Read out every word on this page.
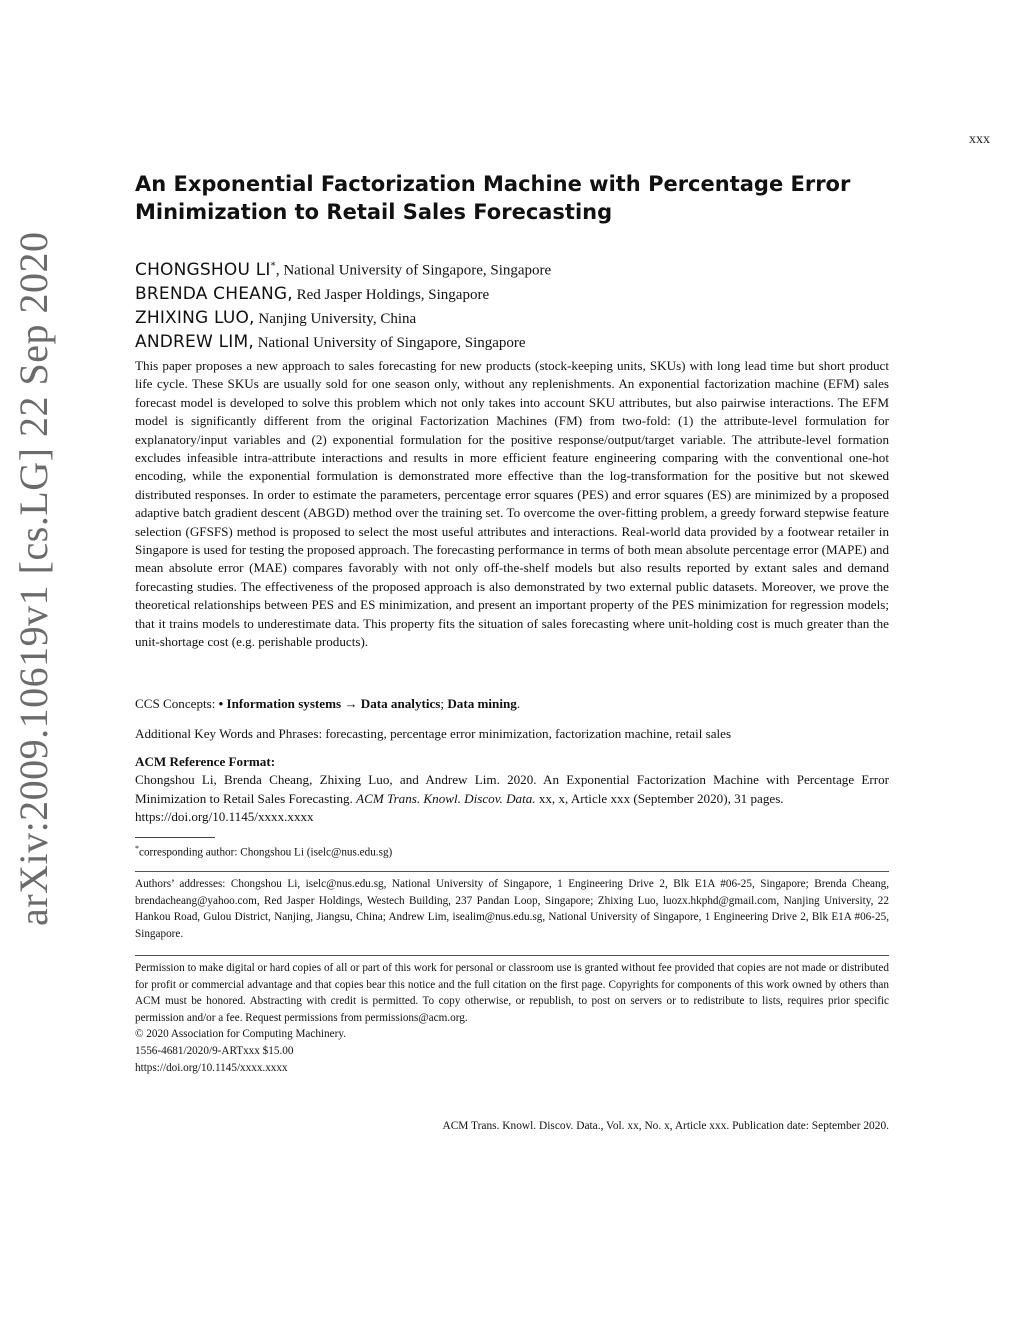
xxx
arXiv:2009.10619v1 [cs.LG] 22 Sep 2020
An Exponential Factorization Machine with Percentage Error
Minimization to Retail Sales Forecasting

CHONGSHOU LI*, National University of Singapore, Singapore

BRENDA CHEANG, Red Jasper Holdings, Singapore

ZHIXING LUO, Nanjing University, China

ANDREW LIM, National University of Singapore, Singapore

This paper proposes a new approach to sales forecasting for new products (stock-keeping units, SKUs) with long lead time but short product life cycle. These SKUs are usually sold for one season only, without any replenishments. An exponential factorization machine (EFM) sales forecast model is developed to solve this problem which not only takes into account SKU attributes, but also pairwise interactions. The EFM model is significantly different from the original Factorization Machines (FM) from two-fold: (1) the attribute-level formulation for explanatory/input variables and (2) exponential formulation for the positive response/output/target variable. The attribute-level formation excludes infeasible intra-attribute interactions and results in more efficient feature engineering comparing with the conventional one-hot encoding, while the exponential formulation is demonstrated more effective than the log-transformation for the positive but not skewed distributed responses. In order to estimate the parameters, percentage error squares (PES) and error squares (ES) are minimized by a proposed adaptive batch gradient descent (ABGD) method over the training set. To overcome the over-fitting problem, a greedy forward stepwise feature selection (GFSFS) method is proposed to select the most useful attributes and interactions. Real-world data provided by a footwear retailer in Singapore is used for testing the proposed approach. The forecasting performance in terms of both mean absolute percentage error (MAPE) and mean absolute error (MAE) compares favorably with not only off-the-shelf models but also results reported by extant sales and demand forecasting studies. The effectiveness of the proposed approach is also demonstrated by two external public datasets. Moreover, we prove the theoretical relationships between PES and ES minimization, and present an important property of the PES minimization for regression models; that it trains models to underestimate data. This property fits the situation of sales forecasting where unit-holding cost is much greater than the unit-shortage cost (e.g. perishable products).

CCS Concepts: • Information systems → Data analytics; Data mining.

Additional Key Words and Phrases: forecasting, percentage error minimization, factorization machine, retail sales

ACM Reference Format:

Chongshou Li, Brenda Cheang, Zhixing Luo, and Andrew Lim. 2020. An Exponential Factorization Machine with Percentage Error Minimization to Retail Sales Forecasting. ACM Trans. Knowl. Discov. Data. xx, x, Article xxx (September 2020), 31 pages.
https://doi.org/10.1145/xxxx.xxxx

*corresponding author: Chongshou Li (iselc@nus.edu.sg)

Authors’ addresses: Chongshou Li, iselc@nus.edu.sg, National University of Singapore, 1 Engineering Drive 2, Blk E1A #06-25, Singapore; Brenda Cheang, brendacheang@yahoo.com, Red Jasper Holdings, Westech Building, 237 Pandan Loop, Singapore; Zhixing Luo, luozx.hkphd@gmail.com, Nanjing University, 22 Hankou Road, Gulou District, Nanjing, Jiangsu, China; Andrew Lim, isealim@nus.edu.sg, National University of Singapore, 1 Engineering Drive 2, Blk E1A #06-25, Singapore.

Permission to make digital or hard copies of all or part of this work for personal or classroom use is granted without fee provided that copies are not made or distributed for profit or commercial advantage and that copies bear this notice and the full citation on the first page. Copyrights for components of this work owned by others than ACM must be honored. Abstracting with credit is permitted. To copy otherwise, or republish, to post on servers or to redistribute to lists, requires prior specific permission and/or a fee. Request permissions from permissions@acm.org.

© 2020 Association for Computing Machinery.

1556-4681/2020/9-ARTxxx $15.00

https://doi.org/10.1145/xxxx.xxxx

ACM Trans. Knowl. Discov. Data., Vol. xx, No. x, Article xxx. Publication date: September 2020.
